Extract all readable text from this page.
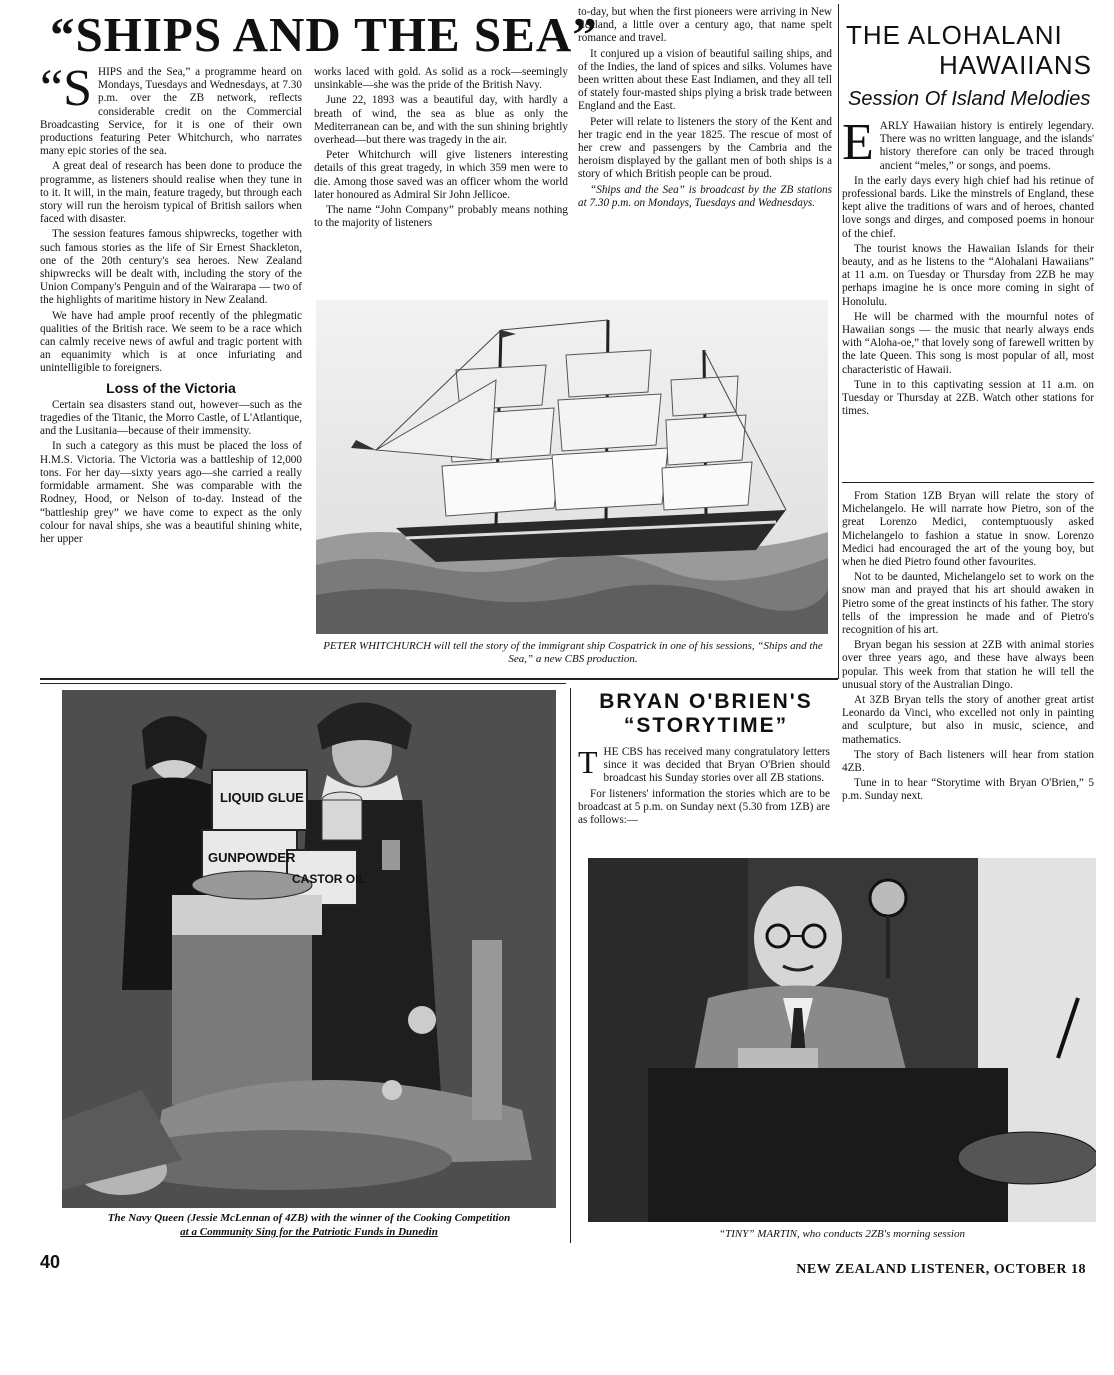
“SHIPS AND THE SEA”
“S HIPS and the Sea,” a programme heard on Mondays, Tuesdays and Wednesdays, at 7.30 p.m. over the ZB network, reflects considerable credit on the Commercial Broadcasting Service, for it is one of their own productions featuring Peter Whitchurch, who narrates many epic stories of the sea.

A great deal of research has been done to produce the programme, as listeners should realise when they tune in to it. It will, in the main, feature tragedy, but through each story will run the heroism typical of British sailors when faced with disaster.

The session features famous shipwrecks, together with such famous stories as the life of Sir Ernest Shackleton, one of the 20th century's sea heroes. New Zealand shipwrecks will be dealt with, including the story of the Union Company's Penguin and of the Wairarapa — two of the highlights of maritime history in New Zealand.

We have had ample proof recently of the phlegmatic qualities of the British race. We seem to be a race which can calmly receive news of awful and tragic portent with an equanimity which is at once infuriating and unintelligible to foreigners.

Loss of the Victoria

Certain sea disasters stand out, however—such as the tragedies of the Titanic, the Morro Castle, of L'Atlantique, and the Lusitania—because of their immensity.

In such a category as this must be placed the loss of H.M.S. Victoria. The Victoria was a battleship of 12,000 tons. For her day—sixty years ago—she carried a really formidable armament. She was comparable with the Rodney, Hood, or Nelson of to-day. Instead of the “battleship grey” we have come to expect as the only colour for naval ships, she was a beautiful shining white, her upper

works laced with gold. As solid as a rock—seemingly unsinkable—she was the pride of the British Navy.

June 22, 1893 was a beautiful day, with hardly a breath of wind, the sea as blue as only the Mediterranean can be, and with the sun shining brightly overhead—but there was tragedy in the air.

Peter Whitchurch will give listeners interesting details of this great tragedy, in which 359 men were to die. Among those saved was an officer whom the world later honoured as Admiral Sir John Jellicoe.

The name “John Company” probably means nothing to the majority of listeners

to-day, but when the first pioneers were arriving in New Zealand, a little over a century ago, that name spelt romance and travel.

It conjured up a vision of beautiful sailing ships, and of the Indies, the land of spices and silks. Volumes have been written about these East Indiamen, and they all tell of stately four-masted ships plying a brisk trade between England and the East.

Peter will relate to listeners the story of the Kent and her tragic end in the year 1825. The rescue of most of her crew and passengers by the Cambria and the heroism displayed by the gallant men of both ships is a story of which British people can be proud.

“Ships and the Sea” is broadcast by the ZB stations at 7.30 p.m. on Mondays, Tuesdays and Wednesdays.

PETER WHITCHURCH will tell the story of the immigrant ship Cospatrick in one of his sessions, “Ships and the Sea,” a new CBS production.
THE ALOHALANI
HAWAIIANS
Session Of Island Melodies
E ARLY Hawaiian history is entirely legendary. There was no written language, and the islands' history therefore can only be traced through ancient “meles,” or songs, and poems.

In the early days every high chief had his retinue of professional bards. Like the minstrels of England, these kept alive the traditions of wars and of heroes, chanted love songs and dirges, and composed poems in honour of the chief.

The tourist knows the Hawaiian Islands for their beauty, and as he listens to the “Alohalani Hawaiians” at 11 a.m. on Tuesday or Thursday from 2ZB he may perhaps imagine he is once more coming in sight of Honolulu.

He will be charmed with the mournful notes of Hawaiian songs — the music that nearly always ends with “Aloha-oe,” that lovely song of farewell written by the late Queen. This song is most popular of all, most characteristic of Hawaii.

Tune in to this captivating session at 11 a.m. on Tuesday or Thursday at 2ZB. Watch other stations for times.

From Station 1ZB Bryan will relate the story of Michelangelo. He will narrate how Pietro, son of the great Lorenzo Medici, contemptuously asked Michelangelo to fashion a statue in snow. Lorenzo Medici had encouraged the art of the young boy, but when he died Pietro found other favourites.

Not to be daunted, Michelangelo set to work on the snow man and prayed that his art should awaken in Pietro some of the great instincts of his father. The story tells of the impression he made and of Pietro's recognition of his art.

Bryan began his session at 2ZB with animal stories over three years ago, and these have always been popular. This week from that station he will tell the unusual story of the Australian Dingo.

At 3ZB Bryan tells the story of another great artist Leonardo da Vinci, who excelled not only in painting and sculpture, but also in music, science, and mathematics.

The story of Bach listeners will hear from station 4ZB.

Tune in to hear “Storytime with Bryan O'Brien,” 5 p.m. Sunday next.

LIQUID GLUE
GUNPOWDER
CASTOR OIL
The Navy Queen (Jessie McLennan of 4ZB) with the winner of the Cooking Competition
at a Community Sing for the Patriotic Funds in Dunedin
BRYAN O'BRIEN'S
“STORYTIME”
T HE CBS has received many congratulatory letters since it was decided that Bryan O'Brien should broadcast his Sunday stories over all ZB stations.

For listeners' information the stories which are to be broadcast at 5 p.m. on Sunday next (5.30 from 1ZB) are as follows:—

“TINY” MARTIN, who conducts 2ZB's morning session
40	NEW ZEALAND LISTENER, OCTOBER 18
